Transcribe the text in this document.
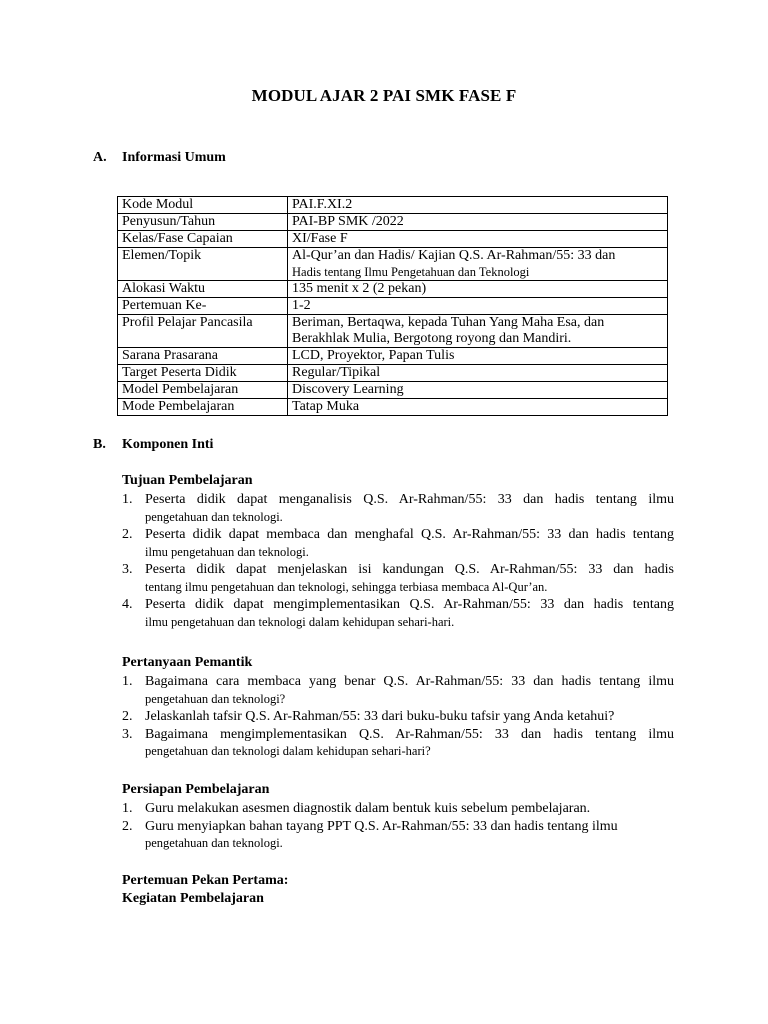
MODUL AJAR 2 PAI SMK FASE F
A. Informasi Umum
Kode Modul	PAI.F.XI.2
Penyusun/Tahun	PAI-BP SMK /2022
Kelas/Fase Capaian	XI/Fase F
Elemen/Topik	Al-Qur’an dan Hadis/ Kajian Q.S. Ar-Rahman/55: 33 dan
Hadis tentang Ilmu Pengetahuan dan Teknologi

Alokasi Waktu	135 menit x 2 (2 pekan)
Pertemuan Ke-	1-2
Profil Pelajar Pancasila	Beriman, Bertaqwa, kepada Tuhan Yang Maha Esa, dan
Berakhlak Mulia, Bergotong royong dan Mandiri.

Sarana Prasarana	LCD, Proyektor, Papan Tulis
Target Peserta Didik	Regular/Tipikal
Model Pembelajaran	Discovery Learning
Mode Pembelajaran	Tatap Muka
B. Komponen Inti
Tujuan Pembelajaran
1. Peserta didik dapat menganalisis Q.S. Ar-Rahman/55: 33 dan hadis tentang ilmu
pengetahuan dan teknologi.
2. Peserta didik dapat membaca dan menghafal Q.S. Ar-Rahman/55: 33 dan hadis tentang
ilmu pengetahuan dan teknologi.
3. Peserta didik dapat menjelaskan isi kandungan Q.S. Ar-Rahman/55: 33 dan hadis
tentang ilmu pengetahuan dan teknologi, sehingga terbiasa membaca Al-Qur’an.
4. Peserta didik dapat mengimplementasikan Q.S. Ar-Rahman/55: 33 dan hadis tentang
ilmu pengetahuan dan teknologi dalam kehidupan sehari-hari.
Pertanyaan Pemantik
1. Bagaimana cara membaca yang benar Q.S. Ar-Rahman/55: 33 dan hadis tentang ilmu
pengetahuan dan teknologi?
2. Jelaskanlah tafsir Q.S. Ar-Rahman/55: 33 dari buku-buku tafsir yang Anda ketahui?
3. Bagaimana mengimplementasikan Q.S. Ar-Rahman/55: 33 dan hadis tentang ilmu
pengetahuan dan teknologi dalam kehidupan sehari-hari?
Persiapan Pembelajaran
1. Guru melakukan asesmen diagnostik dalam bentuk kuis sebelum pembelajaran.
2. Guru menyiapkan bahan tayang PPT Q.S. Ar-Rahman/55: 33 dan hadis tentang ilmu
pengetahuan dan teknologi.
Pertemuan Pekan Pertama:
Kegiatan Pembelajaran
